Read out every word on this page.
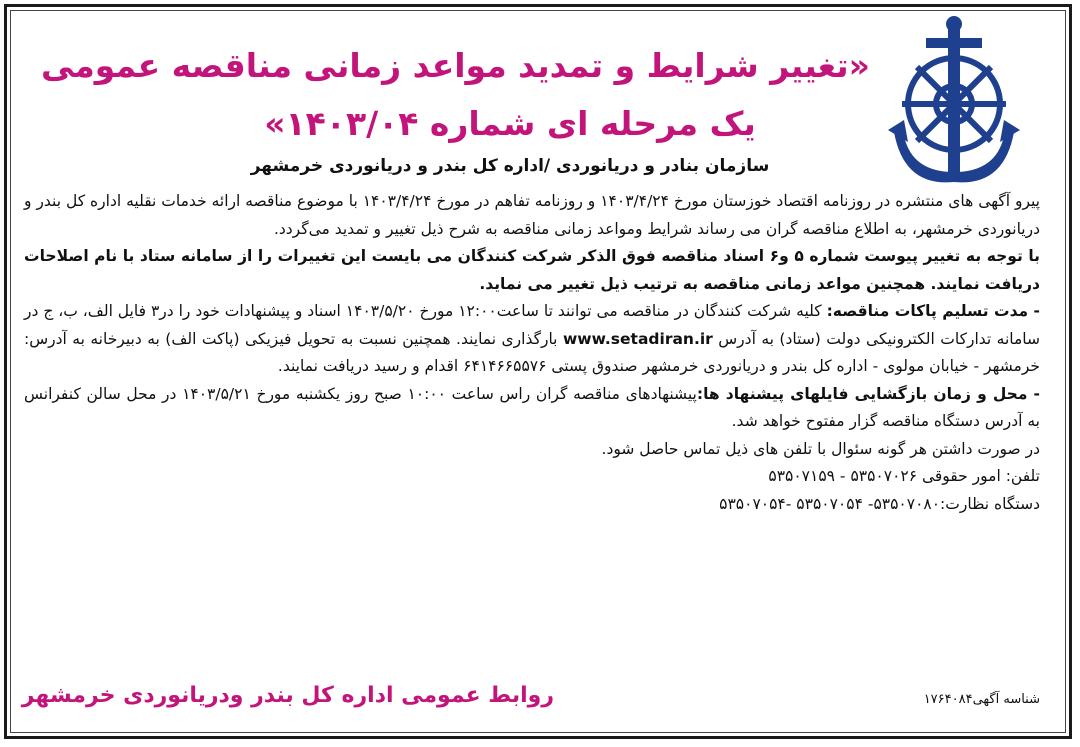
«تغییر شرایط و تمدید مواعد زمانی مناقصه عمومی
یک مرحله ای شماره ۱۴۰۳/۰۴»
سازمان بنادر و دریانوردی /اداره کل بندر و دریانوردی خرمشهر

پیرو آگهی های منتشره در روزنامه اقتصاد خوزستان مورخ ۱۴۰۳/۴/۲۴ و روزنامه تفاهم در مورخ ۱۴۰۳/۴/۲۴ با موضوع مناقصه ارائه خدمات نقلیه اداره کل بندر و دریانوردی خرمشهر، به اطلاع مناقصه گران می رساند شرایط ومواعد زمانی مناقصه به شرح ذیل تغییر و تمدید می‌گردد.

با توجه به تغییر پیوست شماره ۵ و۶ اسناد مناقصه فوق الذکر شرکت کنندگان می بایست این تغییرات را از سامانه ستاد با نام اصلاحات دریافت نمایند. همچنین مواعد زمانی مناقصه به ترتیب ذیل تغییر می نماید.

- مدت تسلیم پاکات مناقصه: کلیه شرکت کنندگان در مناقصه می توانند تا ساعت۱۲:۰۰ مورخ ۱۴۰۳/۵/۲۰ اسناد و پیشنهادات خود را در۳ فایل الف، ب، ج در سامانه تدارکات الکترونیکی دولت (ستاد) به آدرس www.setadiran.ir بارگذاری نمایند. همچنین نسبت به تحویل فیزیکی (پاکت الف) به دبیرخانه به آدرس: خرمشهر - خیابان مولوی - اداره کل بندر و دریانوردی خرمشهر صندوق پستی ۶۴۱۴۶۶۵۵۷۶ اقدام و رسید دریافت نمایند.

- محل و زمان بازگشایی فایلهای پیشنهاد ها:پیشنهادهای مناقصه گران راس ساعت ۱۰:۰۰ صبح روز یکشنبه مورخ ۱۴۰۳/۵/۲۱ در محل سالن کنفرانس به آدرس دستگاه مناقصه گزار مفتوح خواهد شد.

در صورت داشتن هر گونه سئوال با تلفن های ذیل تماس حاصل شود.

تلفن: امور حقوقی ۵۳۵۰۷۰۲۶ - ۵۳۵۰۷۱۵۹

دستگاه نظارت:۵۳۵۰۷۰۸۰- ۵۳۵۰۷۰۵۴ -۵۳۵۰۷۰۵۴

روابط عمومی اداره کل بندر ودریانوردی خرمشهر	شناسه آگهی۱۷۶۴۰۸۴
